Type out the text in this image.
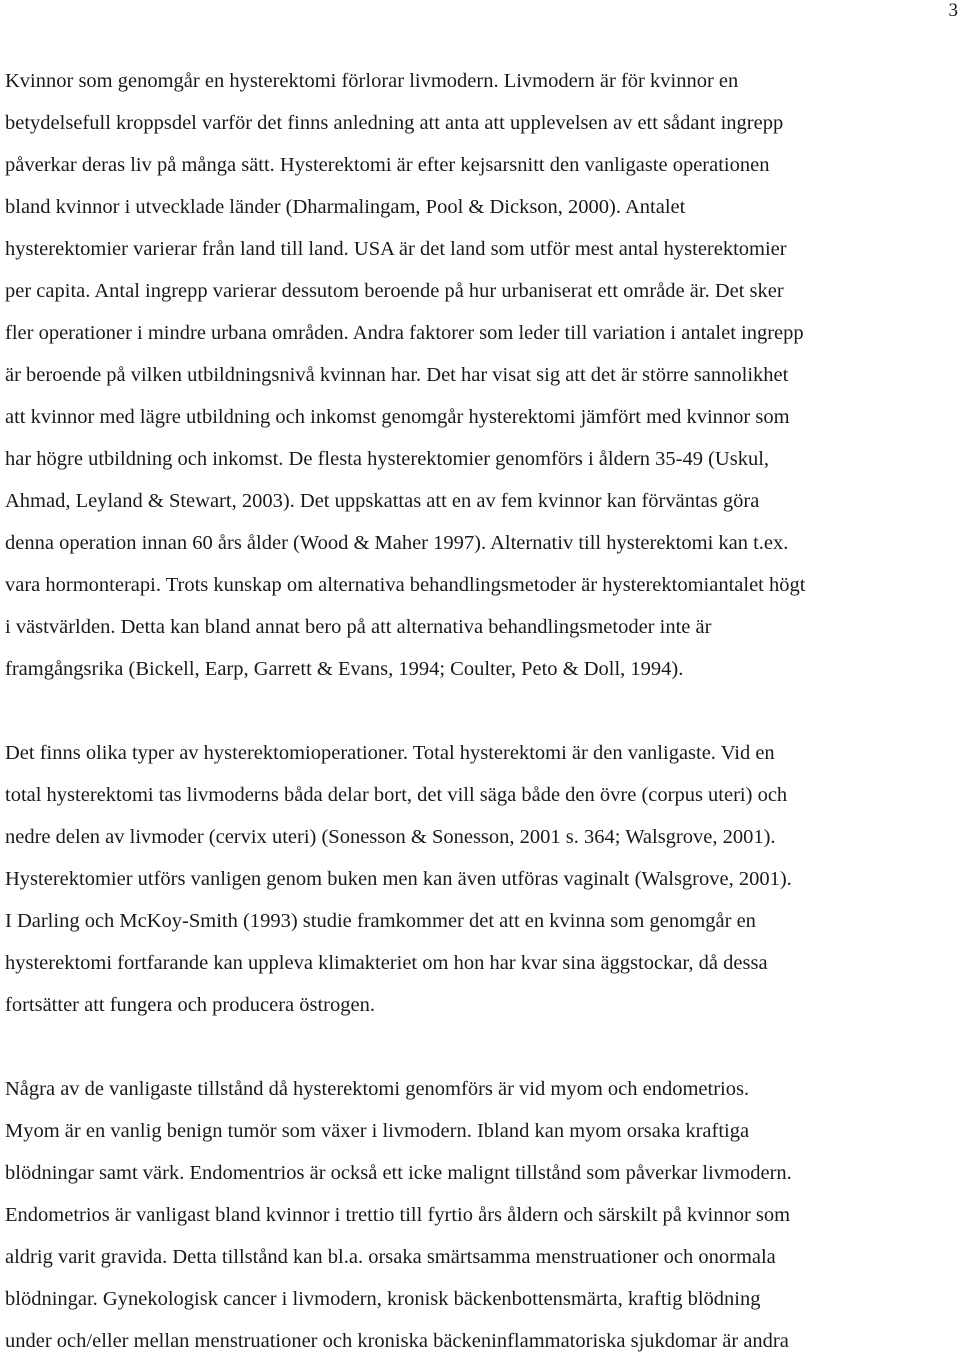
3
Kvinnor som genomgår en hysterektomi förlorar livmodern. Livmodern är för kvinnor en
betydelsefull kroppsdel varför det finns anledning att anta att upplevelsen av ett sådant ingrepp
påverkar deras liv på många sätt. Hysterektomi är efter kejsarsnitt den vanligaste operationen
bland kvinnor i utvecklade länder (Dharmalingam, Pool & Dickson, 2000). Antalet
hysterektomier varierar från land till land. USA är det land som utför mest antal hysterektomier
per capita. Antal ingrepp varierar dessutom beroende på hur urbaniserat ett område är. Det sker
fler operationer i mindre urbana områden. Andra faktorer som leder till variation i antalet ingrepp
är beroende på vilken utbildningsnivå kvinnan har. Det har visat sig att det är större sannolikhet
att kvinnor med lägre utbildning och inkomst genomgår hysterektomi jämfört med kvinnor som
har högre utbildning och inkomst. De flesta hysterektomier genomförs i åldern 35-49 (Uskul,
Ahmad, Leyland & Stewart, 2003). Det uppskattas att en av fem kvinnor kan förväntas göra
denna operation innan 60 års ålder (Wood & Maher 1997). Alternativ till hysterektomi kan t.ex.
vara hormonterapi. Trots kunskap om alternativa behandlingsmetoder är hysterektomiantalet högt
i västvärlden. Detta kan bland annat bero på att alternativa behandlingsmetoder inte är
framgångsrika (Bickell, Earp, Garrett & Evans, 1994; Coulter, Peto & Doll, 1994).
Det finns olika typer av hysterektomioperationer. Total hysterektomi är den vanligaste. Vid en
total hysterektomi tas livmoderns båda delar bort, det vill säga både den övre (corpus uteri) och
nedre delen av livmoder (cervix uteri) (Sonesson & Sonesson, 2001 s. 364; Walsgrove, 2001).
Hysterektomier utförs vanligen genom buken men kan även utföras vaginalt (Walsgrove, 2001).
I Darling och McKoy-Smith (1993) studie framkommer det att en kvinna som genomgår en
hysterektomi fortfarande kan uppleva klimakteriet om hon har kvar sina äggstockar, då dessa
fortsätter att fungera och producera östrogen.
Några av de vanligaste tillstånd då hysterektomi genomförs är vid myom och endometrios.
Myom är en vanlig benign tumör som växer i livmodern. Ibland kan myom orsaka kraftiga
blödningar samt värk. Endomentrios är också ett icke malignt tillstånd som påverkar livmodern.
Endometrios är vanligast bland kvinnor i trettio till fyrtio års åldern och särskilt på kvinnor som
aldrig varit gravida. Detta tillstånd kan bl.a. orsaka smärtsamma menstruationer och onormala
blödningar. Gynekologisk cancer i livmodern, kronisk bäckenbottensmärta, kraftig blödning
under och/eller mellan menstruationer och kroniska bäckeninflammatoriska sjukdomar är andra
